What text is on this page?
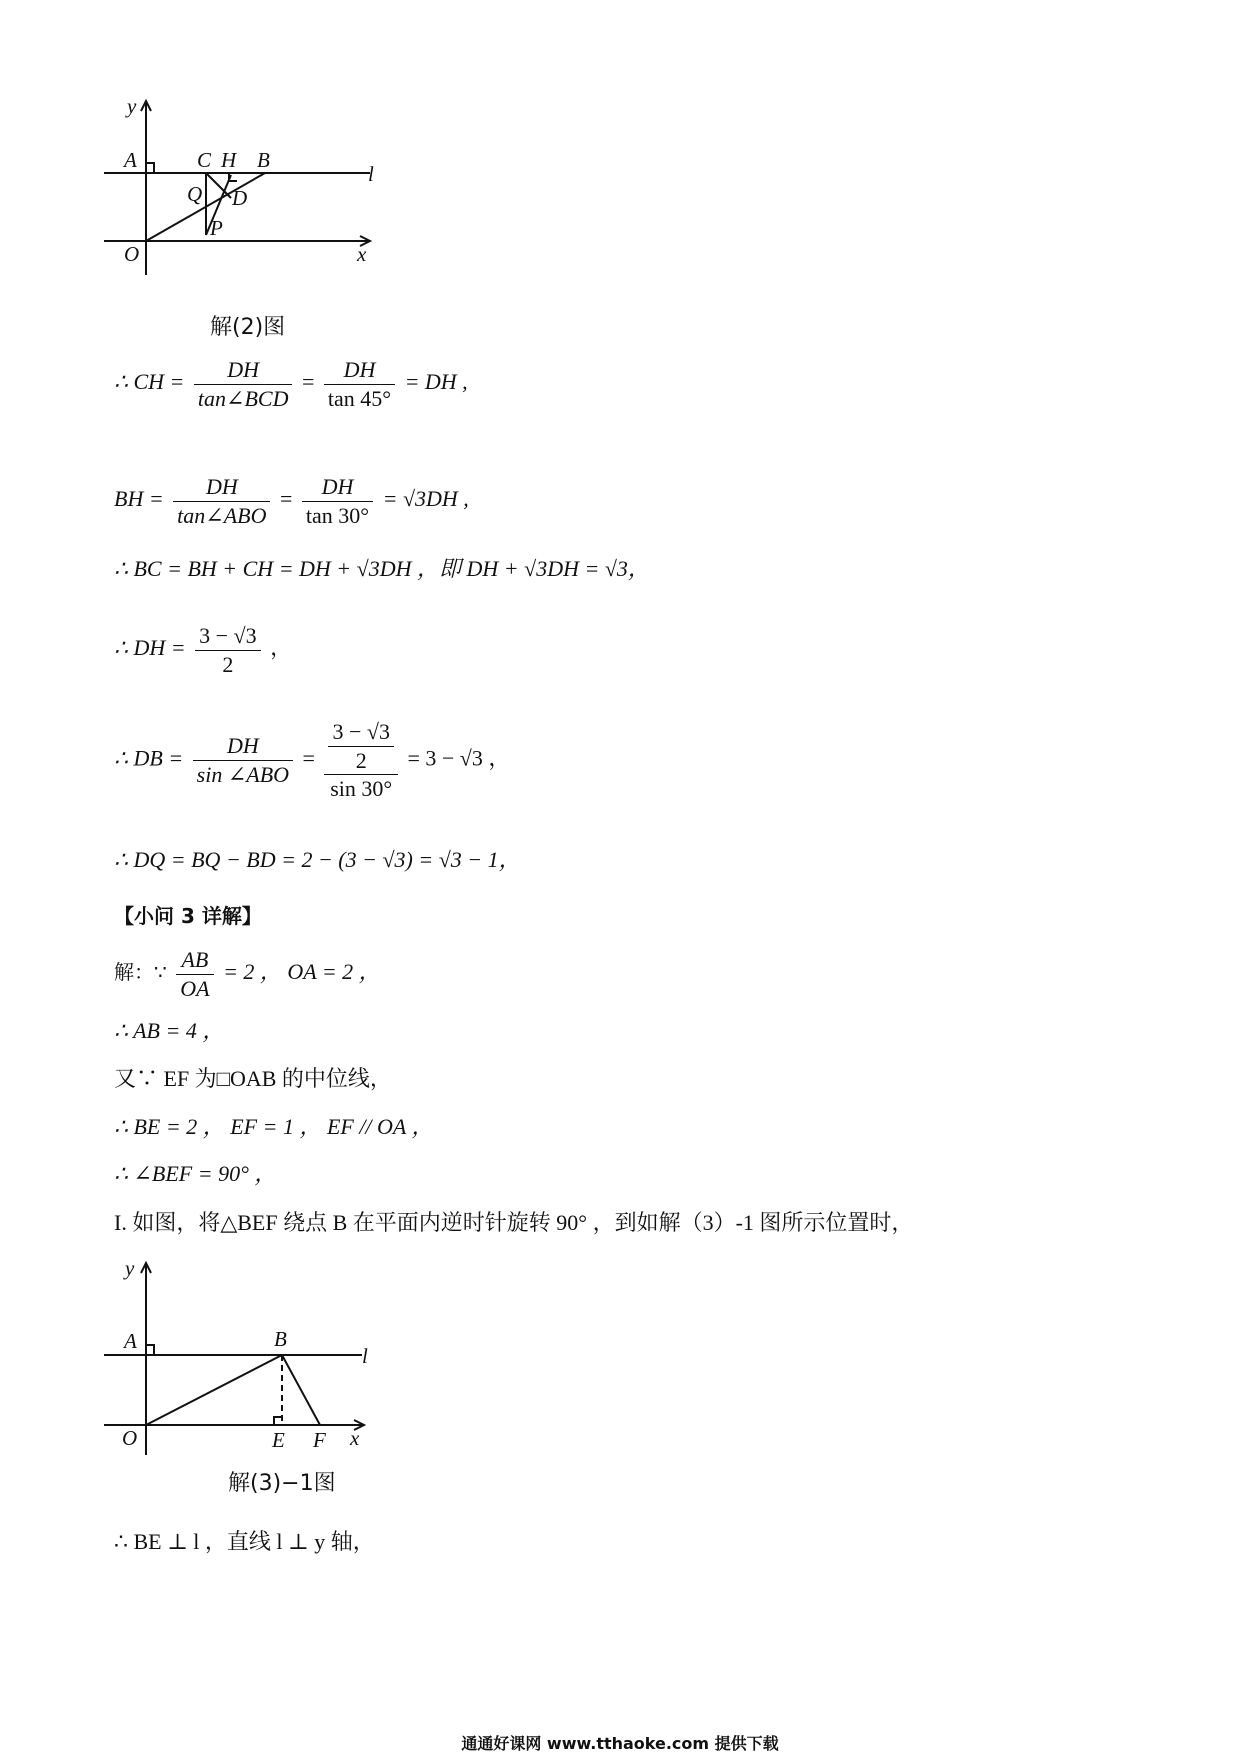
y
A	C H B
l
Q D
P
O	x
解(2)图
∴ CH = $\frac{DH}{\text{tan∠BCD}} = \frac{DH}{\tan 45^\circ}$ = DH ,
BH = $\frac{DH}{\text{tan∠ABO}} = \frac{DH}{\tan 30^\circ} = √3DH$ ,
∴ BC = BH + CH = DH + √3DH ，即 DH + √3DH = √3，
∴ DH = $\frac{3 - √3}{2}$ ，
∴ DB = $\frac{DH}{\text{sin ∠ABO}} = \frac{\frac{3 - √3}{2}}{\sin 30^\circ} = 3 - √3$ ，
∴ DQ = BQ − BD = 2 − (3 − √3) = √3 − 1，
【小问 3 详解】
解：∵ $\frac{AB}{OA} = 2$ ， OA = 2 ，
∴ AB = 4 ，
又∵ EF 为□OAB 的中位线，
∴ BE = 2 ， EF = 1 ， EF // OA ，
∴ ∠BEF = 90° ，
I. 如图，将△BEF 绕点 B 在平面内逆时针旋转 90° ，到如解（3）-1 图所示位置时，
y
A	B
l
O	E F x
解(3)−1图
∴ BE ⊥ l ，直线 l ⊥ y 轴，
通通好课网 www.tthaoke.com 提供下载
